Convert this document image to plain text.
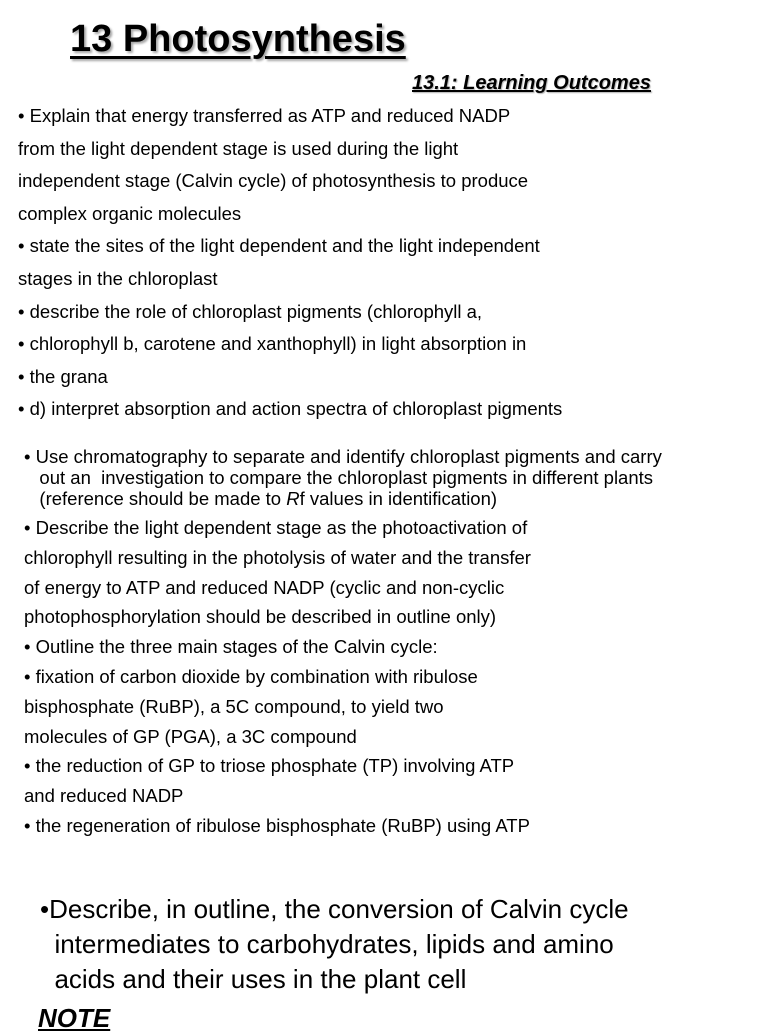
13 Photosynthesis
13.1: Learning Outcomes
• Explain that energy transferred as ATP and reduced NADP
from the light dependent stage is used during the light
independent stage (Calvin cycle) of photosynthesis to produce
complex organic molecules
• state the sites of the light dependent and the light independent
stages in the chloroplast
• describe the role of chloroplast pigments (chlorophyll a,
• chlorophyll b, carotene and xanthophyll) in light absorption in
• the grana
• d) interpret absorption and action spectra of chloroplast pigments
• Use chromatography to separate and identify chloroplast pigments and carry
out an  investigation to compare the chloroplast pigments in different plants
(reference should be made to Rf values in identification)
• Describe the light dependent stage as the photoactivation of
chlorophyll resulting in the photolysis of water and the transfer
of energy to ATP and reduced NADP (cyclic and non-cyclic
photophosphorylation should be described in outline only)
• Outline the three main stages of the Calvin cycle:
• fixation of carbon dioxide by combination with ribulose
bisphosphate (RuBP), a 5C compound, to yield two
molecules of GP (PGA), a 3C compound
• the reduction of GP to triose phosphate (TP) involving ATP
and reduced NADP
• the regeneration of ribulose bisphosphate (RuBP) using ATP
•Describe, in outline, the conversion of Calvin cycle
intermediates to carbohydrates, lipids and amino
acids and their uses in the plant cell
NOTE
